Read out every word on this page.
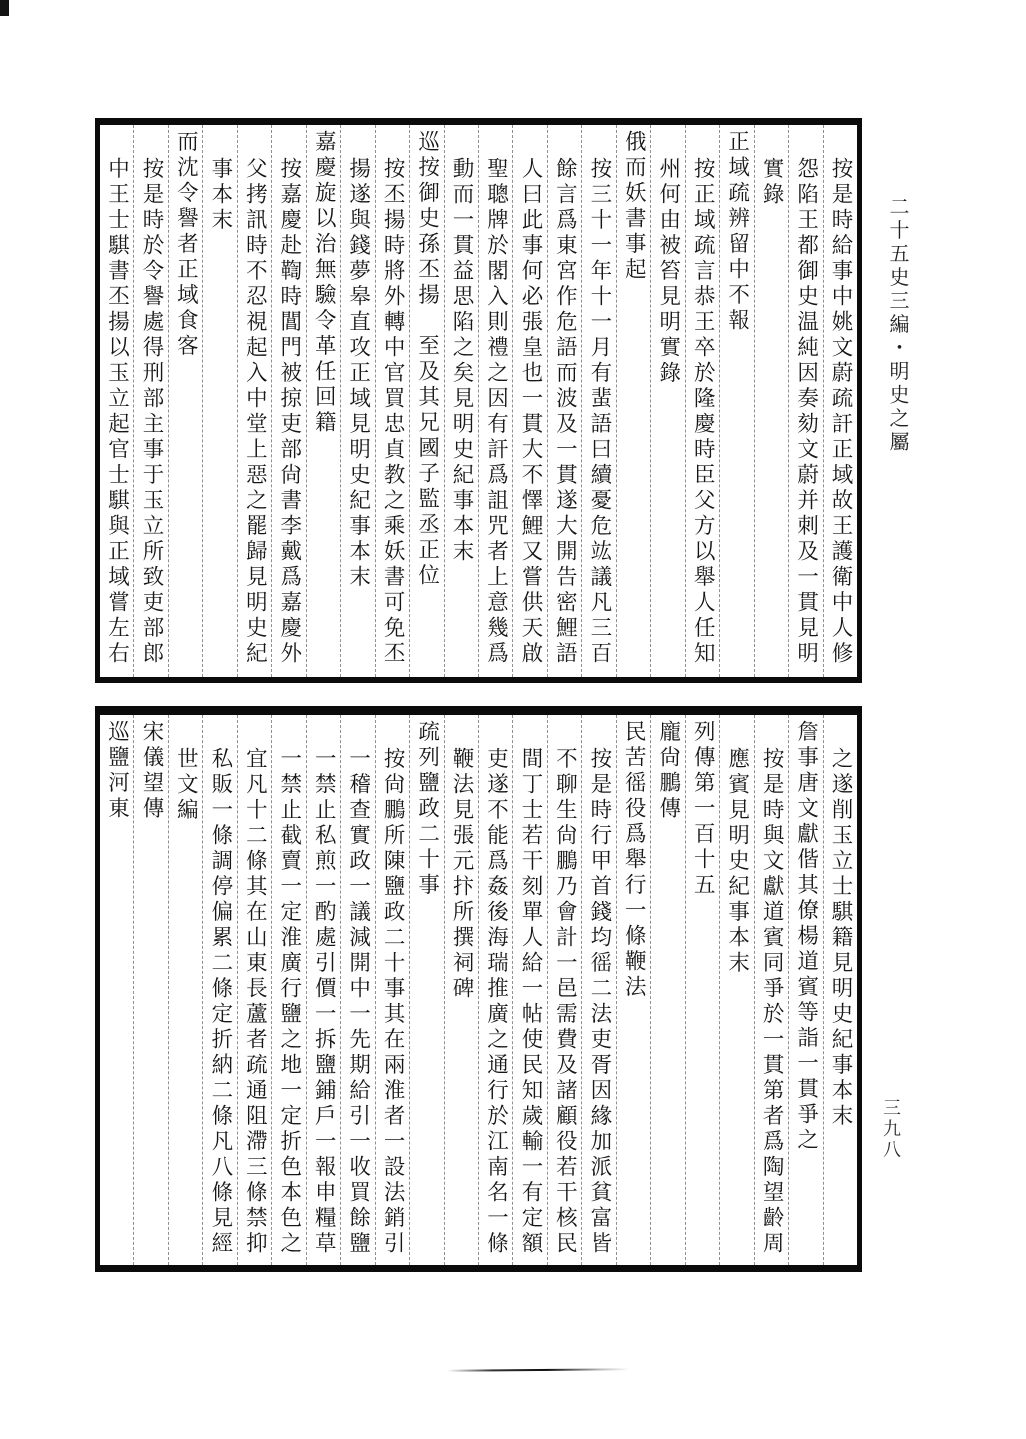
二十五史三編・明史之屬
按是時給事中姚文蔚疏訐正域故王護衛中人修
怨陷王都御史温純因奏劾文蔚并刺及一貫見明
實錄
正域疏辨留中不報
按正域疏言恭王卒於隆慶時臣父方以舉人任知
州何由被笞見明實錄
俄而妖書事起
按三十一年十一月有蜚語曰續憂危竑議凡三百
餘言爲東宮作危語而波及一貫遂大開告密鯉語
人曰此事何必張皇也一貫大不懌鯉又嘗供天啟
聖聰牌於閣入則禮之因有訐爲詛咒者上意幾爲
動而一貫益思陷之矣見明史紀事本末
巡按御史孫丕揚　至及其兄國子監丞正位
按丕揚時將外轉中官買忠貞教之乘妖書可免丕
揚遂與錢夢皋直攻正域見明史紀事本末
嘉慶旋以治無驗令革任回籍
按嘉慶赴鞫時閶門被掠吏部尙書李戴爲嘉慶外
父拷訊時不忍視起入中堂上惡之罷歸見明史紀
事本末
而沈令譽者正域食客
按是時於令譽處得刑部主事于玉立所致吏部郎
中王士騏書丕揚以玉立起官士騏與正域嘗左右
之遂削玉立士騏籍見明史紀事本末
詹事唐文獻偕其僚楊道賓等詣一貫爭之
按是時與文獻道賓同爭於一貫第者爲陶望齡周
應賓見明史紀事本末
列傳第一百十五
龐尙鵬傳
民苦徭役爲舉行一條鞭法
按是時行甲首錢均徭二法吏胥因緣加派貧富皆
不聊生尙鵬乃會計一邑需費及諸顧役若干核民
間丁士若干刻單人給一帖使民知歲輸一有定額
吏遂不能爲姦後海瑞推廣之通行於江南名一條
鞭法見張元抃所撰祠碑
疏列鹽政二十事
按尙鵬所陳鹽政二十事其在兩淮者一設法銷引
一稽查實政一議減開中一先期給引一收買餘鹽
一禁止私煎一酌處引價一拆鹽鋪戶一報申糧草
一禁止截賣一定淮廣行鹽之地一定折色本色之
宜凡十二條其在山東長蘆者疏通阻滯三條禁抑
私販一條調停偏累二條定折納二條凡八條見經
世文編
宋儀望傳
巡鹽河東
三九八
